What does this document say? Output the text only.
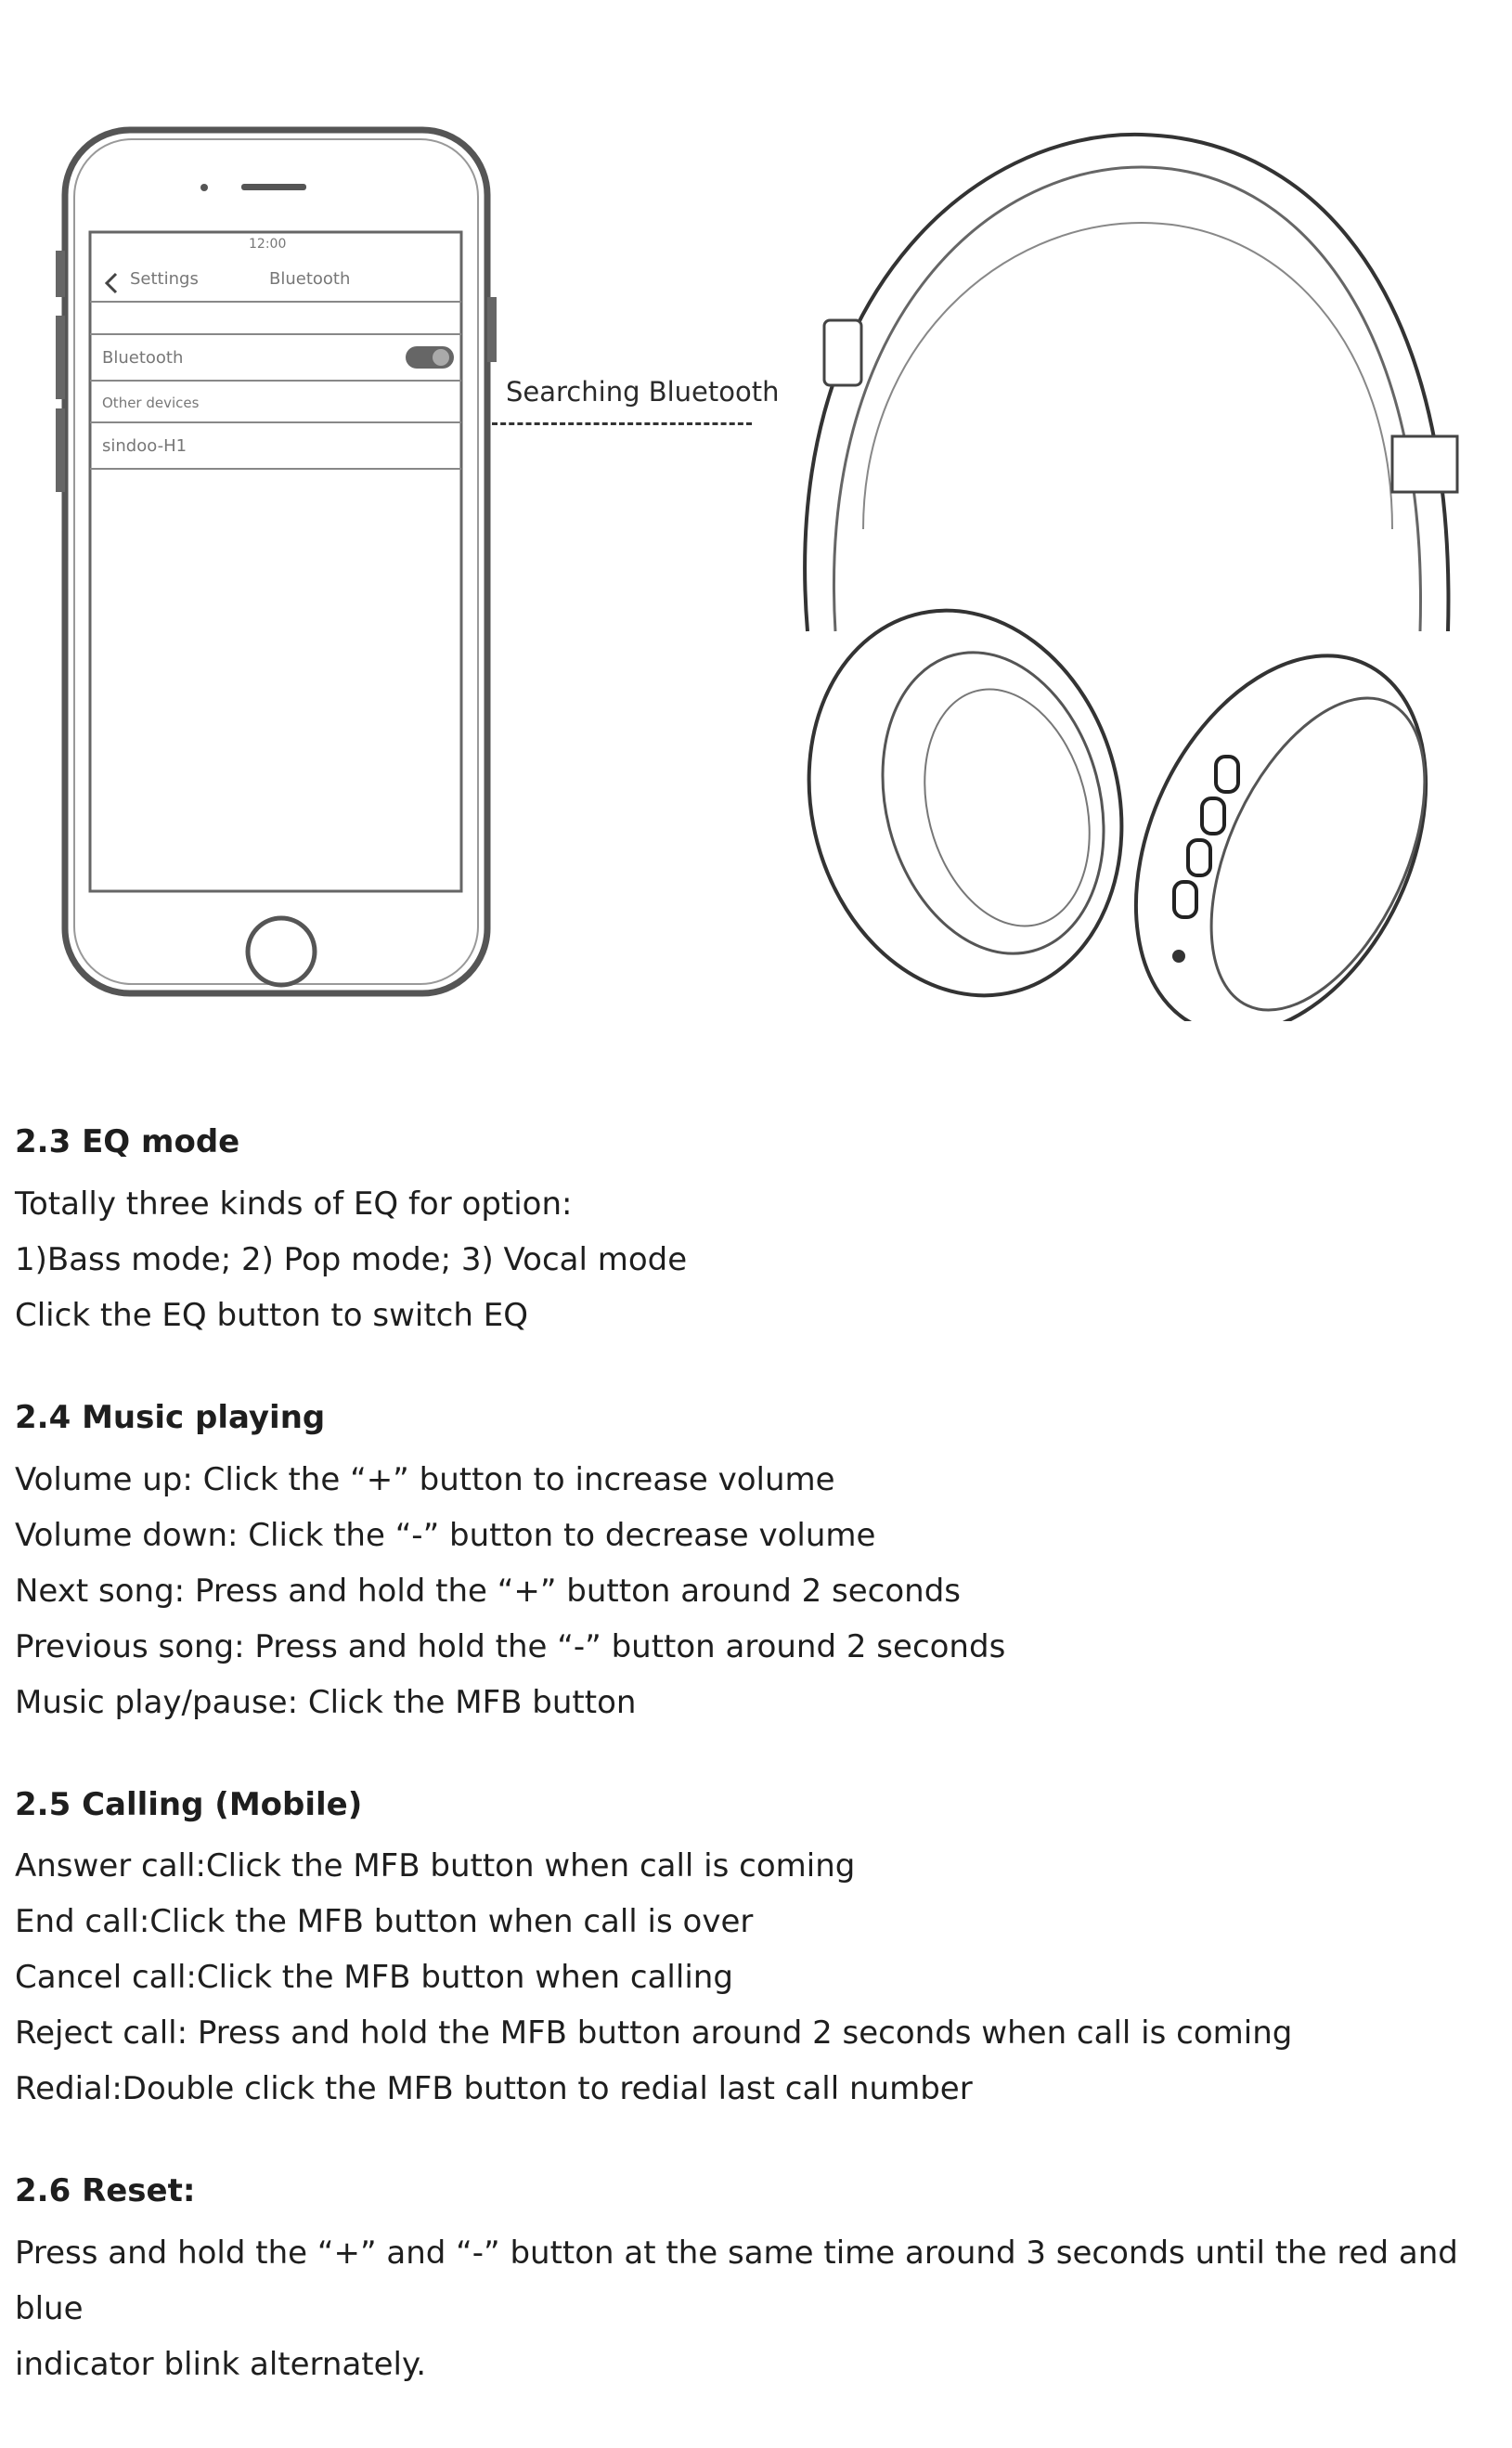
12:00
Settings	Bluetooth
Bluetooth
Other devices
sindoo-H1
Searching Bluetooth
2.3 EQ mode

Totally three kinds of EQ for option:

1)Bass mode; 2) Pop mode; 3) Vocal mode

Click the EQ button to switch EQ

2.4 Music playing

Volume up: Click the “+” button to increase volume

Volume down: Click the “-” button to decrease volume

Next song: Press and hold the “+” button around 2 seconds

Previous song: Press and hold the “-” button around 2 seconds

Music play/pause: Click the MFB button

2.5 Calling (Mobile)

Answer call:Click the MFB button when call is coming

End call:Click the MFB button when call is over

Cancel call:Click the MFB button when calling

Reject call: Press and hold the MFB button around 2 seconds when call is coming

Redial:Double click the MFB button to redial last call number

2.6 Reset:

Press and hold the “+” and “-” button at the same time around 3 seconds until the red and blue

indicator blink alternately.
